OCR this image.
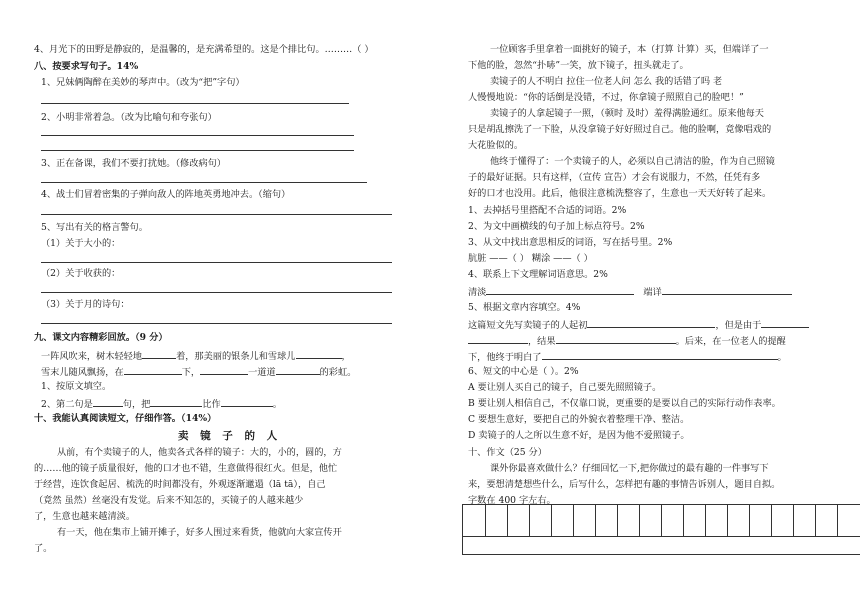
4、月光下的田野是静寂的，是温馨的，是充满希望的。这是个排比句。………（ ）
八、按要求写句子。14%
1、兄妹俩陶醉在美妙的琴声中。（改为“把”字句）
2、小明非常着急。（改为比喻句和夸张句）
3、正在备课，我们不要打扰她。（修改病句）
4、战士们冒着密集的子弹向敌人的阵地英勇地冲去。（缩句）
5、写出有关的格言警句。
（1）关于大小的：
（2）关于收获的：
（3）关于月的诗句：
九、课文内容精彩回放。（9 分）
一阵风吹来，树木轻轻地	着，那美丽的银条儿和雪球儿	，
雪末儿随风飘扬，在	下，	一道道	的彩虹。
1、按原文填空。
2、第二句是	句，把	比作	。
十、我能认真阅读短文，仔细作答。（14%）
卖 镜 子 的 人
从前，有个卖镜子的人，他卖各式各样的镜子：大的，小的，圆的，方
的……他的镜子质量很好，他的口才也不错，生意做得很红火。但是，他忙
于经营，连饮食起居、梳洗的时间都没有，外观逐渐邋遢（lā tā），自己
（竟然 虽然）丝毫没有发觉。后来不知怎的，买镜子的人越来越少
了，生意也越来越清淡。
有一天，他在集市上铺开摊子，好多人围过来看货，他就向大家宣传开
了。
一位顾客手里拿着一面挑好的镜子，本（打算 计算）买，但端详了一
下他的脸，忽然“扑哧”一笑，放下镜子，扭头就走了。
卖镜子的人不明白 拉住一位老人问 怎么 我的话错了吗 老
人慢慢地说：“你的话倒是没错，不过，你拿镜子照照自己的脸吧！”
卖镜子的人拿起镜子一照，（顿时 及时）羞得满脸通红。原来他每天
只是胡乱擦洗了一下脸，从没拿镜子好好照过自己。他的脸啊，竟像唱戏的
大花脸似的。
他终于懂得了：一个卖镜子的人，必须以自己清洁的脸，作为自己照镜
子的最好证据。只有这样，（宣传 宣告）才会有说服力，不然，任凭有多
好的口才也没用。此后，他很注意梳洗整容了，生意也一天天好转了起来。
1、去掉括号里搭配不合适的词语。2%
2、为文中画横线的句子加上标点符号。2%
3、从文中找出意思相反的词语，写在括号里。2%
肮脏 ——（ ） 糊涂 ——（ ）
4、联系上下文理解词语意思。2%
清淡	端详
5、根据文章内容填空。4%
这篇短文先写卖镜子的人起初	，但是由于
，结果	。后来，在一位老人的提醒
下，他终于明白了	。
6、短文的中心是（ ）。2%
A 要让别人买自己的镜子，自己要先照照镜子。
B 要让别人相信自己，不仅靠口说，更重要的是要以自己的实际行动作表率。
C 要想生意好，要把自己的外貌衣着整理干净、整洁。
D 卖镜子的人之所以生意不好，是因为他不爱照镜子。
十、作文（25 分）
课外你最喜欢做什么？仔细回忆一下,把你做过的最有趣的一件事写下
来，要想清楚想些什么，后写什么，怎样把有趣的事情告诉别人，题目自拟。
字数在 400 字左右。
